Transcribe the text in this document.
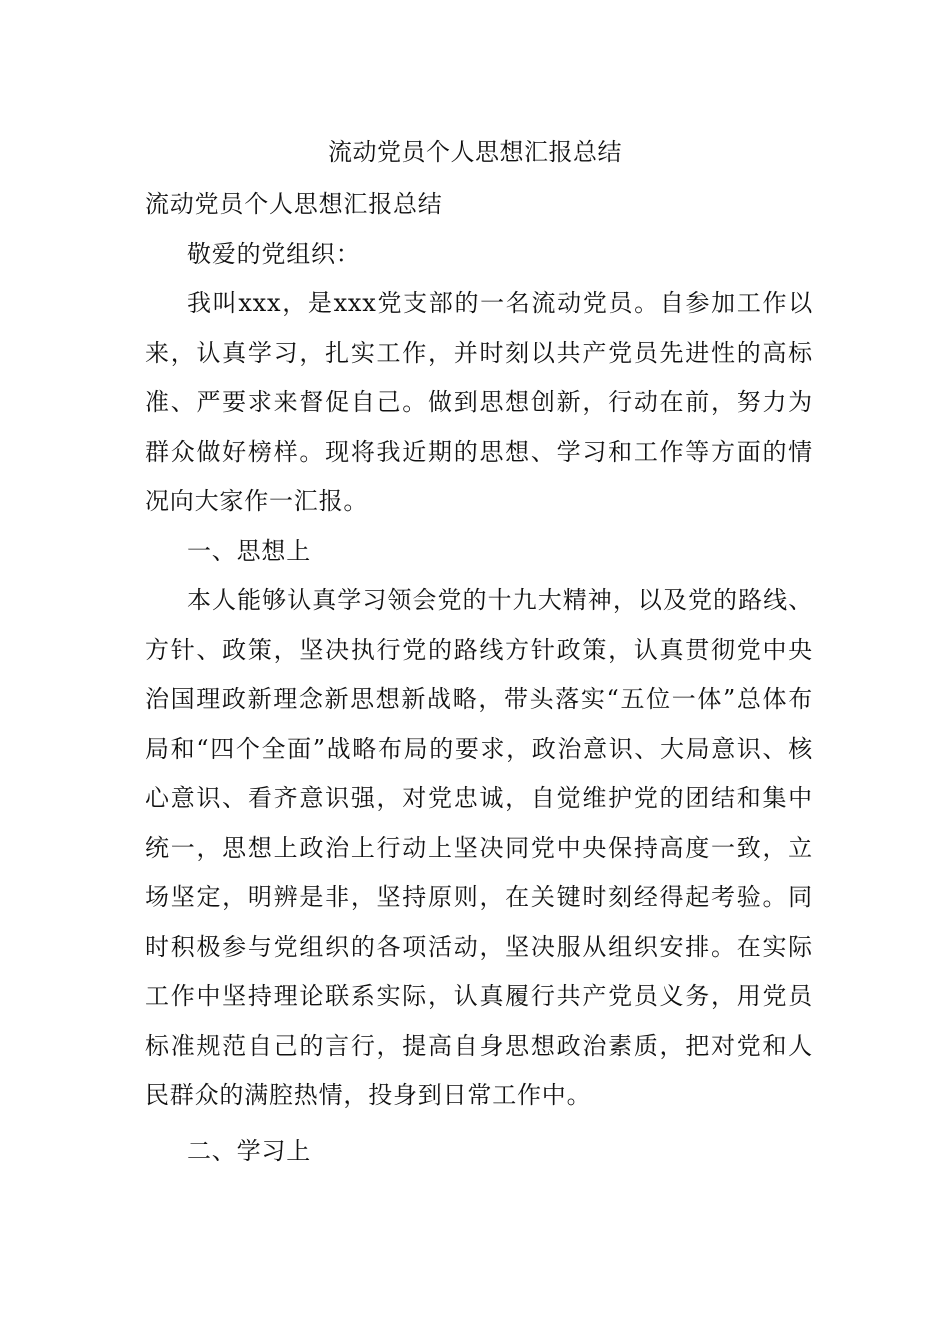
流动党员个人思想汇报总结

流动党员个人思想汇报总结

敬爱的党组织：

我叫xxx，是xxx党支部的一名流动党员。自参加工作以来，认真学习，扎实工作，并时刻以共产党员先进性的高标准、严要求来督促自己。做到思想创新，行动在前，努力为群众做好榜样。现将我近期的思想、学习和工作等方面的情况向大家作一汇报。

一、思想上

本人能够认真学习领会党的十九大精神，以及党的路线、方针、政策，坚决执行党的路线方针政策，认真贯彻党中央治国理政新理念新思想新战略，带头落实“五位一体”总体布局和“四个全面”战略布局的要求，政治意识、大局意识、核心意识、看齐意识强，对党忠诚，自觉维护党的团结和集中统一，思想上政治上行动上坚决同党中央保持高度一致，立场坚定，明辨是非，坚持原则，在关键时刻经得起考验。同时积极参与党组织的各项活动，坚决服从组织安排。在实际工作中坚持理论联系实际，认真履行共产党员义务，用党员标准规范自己的言行，提高自身思想政治素质，把对党和人民群众的满腔热情，投身到日常工作中。

二、学习上
